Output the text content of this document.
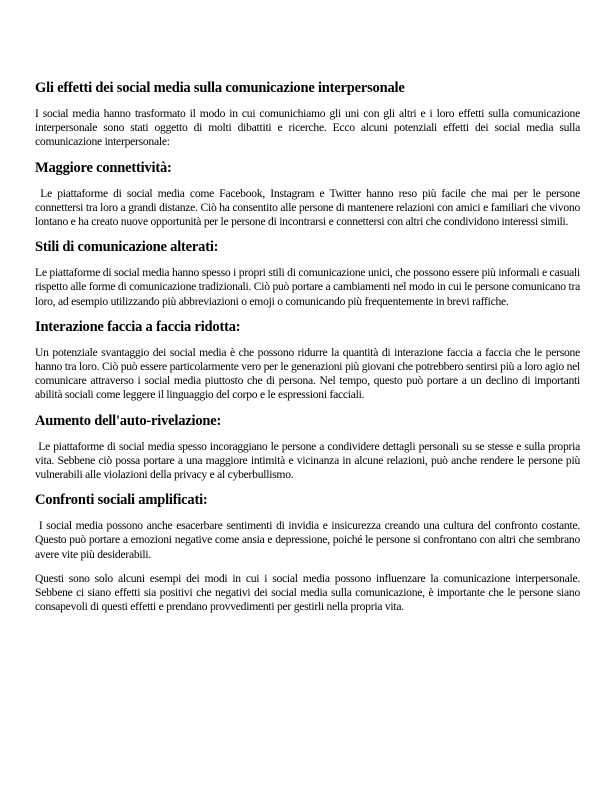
Gli effetti dei social media sulla comunicazione interpersonale

I social media hanno trasformato il modo in cui comunichiamo gli uni con gli altri e i loro effetti sulla comunicazione interpersonale sono stati oggetto di molti dibattiti e ricerche. Ecco alcuni potenziali effetti dei social media sulla comunicazione interpersonale:

Maggiore connettività:

Le piattaforme di social media come Facebook, Instagram e Twitter hanno reso più facile che mai per le persone connettersi tra loro a grandi distanze. Ciò ha consentito alle persone di mantenere relazioni con amici e familiari che vivono lontano e ha creato nuove opportunità per le persone di incontrarsi e connettersi con altri che condividono interessi simili.

Stili di comunicazione alterati:

Le piattaforme di social media hanno spesso i propri stili di comunicazione unici, che possono essere più informali e casuali rispetto alle forme di comunicazione tradizionali. Ciò può portare a cambiamenti nel modo in cui le persone comunicano tra loro, ad esempio utilizzando più abbreviazioni o emoji o comunicando più frequentemente in brevi raffiche.

Interazione faccia a faccia ridotta:

Un potenziale svantaggio dei social media è che possono ridurre la quantità di interazione faccia a faccia che le persone hanno tra loro. Ciò può essere particolarmente vero per le generazioni più giovani che potrebbero sentirsi più a loro agio nel comunicare attraverso i social media piuttosto che di persona. Nel tempo, questo può portare a un declino di importanti abilità sociali come leggere il linguaggio del corpo e le espressioni facciali.

Aumento dell'auto-rivelazione:

Le piattaforme di social media spesso incoraggiano le persone a condividere dettagli personali su se stesse e sulla propria vita. Sebbene ciò possa portare a una maggiore intimità e vicinanza in alcune relazioni, può anche rendere le persone più vulnerabili alle violazioni della privacy e al cyberbullismo.

Confronti sociali amplificati:

I social media possono anche esacerbare sentimenti di invidia e insicurezza creando una cultura del confronto costante. Questo può portare a emozioni negative come ansia e depressione, poiché le persone si confrontano con altri che sembrano avere vite più desiderabili.

Questi sono solo alcuni esempi dei modi in cui i social media possono influenzare la comunicazione interpersonale. Sebbene ci siano effetti sia positivi che negativi dei social media sulla comunicazione, è importante che le persone siano consapevoli di questi effetti e prendano provvedimenti per gestirli nella propria vita.
